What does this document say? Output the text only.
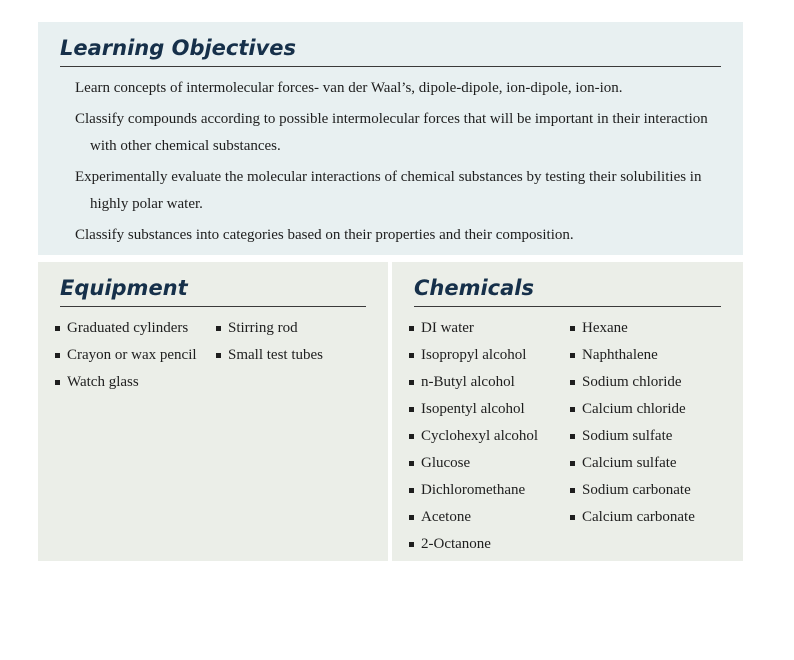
Learning Objectives
Learn concepts of intermolecular forces- van der Waal’s, dipole-dipole, ion-dipole, ion-ion.
Classify compounds according to possible intermolecular forces that will be important in their interaction with other chemical substances.
Experimentally evaluate the molecular interactions of chemical substances by testing their solubilities in highly polar water.
Classify substances into categories based on their properties and their composition.
Equipment
Graduated cylinders
Crayon or wax pencil
Watch glass
Stirring rod
Small test tubes
Chemicals
DI water
Isopropyl alcohol
n-Butyl alcohol
Isopentyl alcohol
Cyclohexyl alcohol
Glucose
Dichloromethane
Acetone
2-Octanone
Hexane
Naphthalene
Sodium chloride
Calcium chloride
Sodium sulfate
Calcium sulfate
Sodium carbonate
Calcium carbonate
